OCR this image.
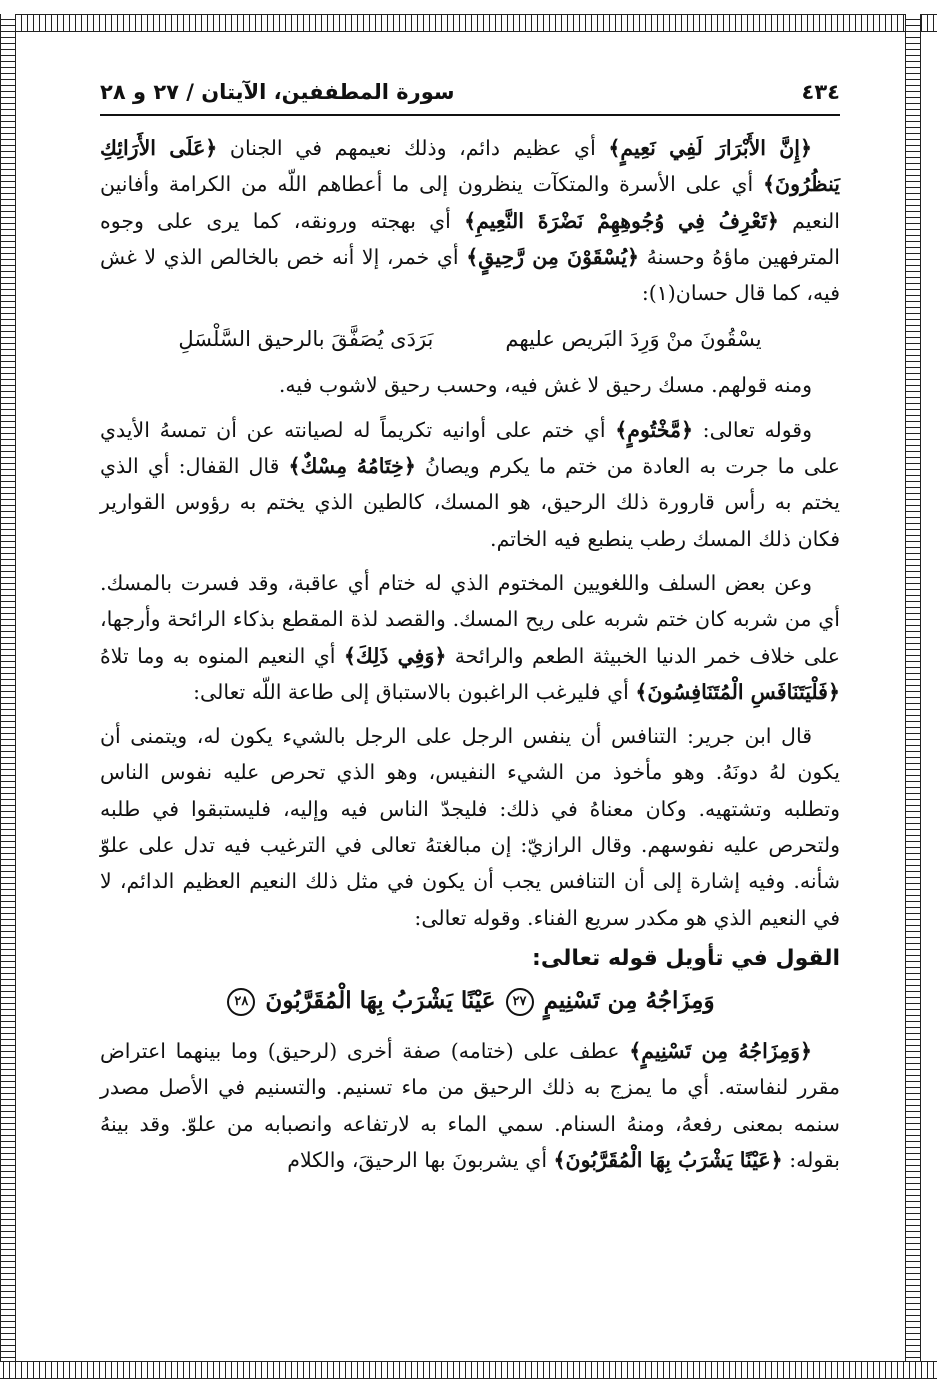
٤٣٤
سورة المطففين، الآيتان / ٢٧ و ٢٨

﴿إِنَّ الأَبْرَارَ لَفِي نَعِيمٍ﴾ أي عظيم دائم، وذلك نعيمهم في الجنان ﴿عَلَى الأَرَائِكِ يَنظُرُونَ﴾ أي على الأسرة والمتكآت ينظرون إلى ما أعطاهم اللّه من الكرامة وأفانين النعيم ﴿تَعْرِفُ فِي وُجُوهِهِمْ نَضْرَةَ النَّعِيمِ﴾ أي بهجته ورونقه، كما يرى على وجوه المترفهين ماؤهُ وحسنهُ ﴿يُسْقَوْنَ مِن رَّحِيقٍ﴾ أي خمر، إلا أنه خص بالخالص الذي لا غش فيه، كما قال حسان(١):

يسْقُونَ منْ وَرِدَ البَريص عليهم
بَرَدَى يُصَفَّقَ بالرحيق السَّلْسَلِ

ومنه قولهم. مسك رحيق لا غش فيه، وحسب رحيق لاشوب فيه.

وقوله تعالى: ﴿مَّخْتُومٍ﴾ أي ختم على أوانيه تكريماً له لصيانته عن أن تمسهُ الأيدي على ما جرت به العادة من ختم ما يكرم ويصانُ ﴿خِتَامُهُ مِسْكٌ﴾ قال القفال: أي الذي يختم به رأس قارورة ذلك الرحيق، هو المسك، كالطين الذي يختم به رؤوس القوارير فكان ذلك المسك رطب ينطبع فيه الخاتم.

وعن بعض السلف واللغويين المختوم الذي له ختام أي عاقبة، وقد فسرت بالمسك. أي من شربه كان ختم شربه على ريح المسك. والقصد لذة المقطع بذكاء الرائحة وأرجها، على خلاف خمر الدنيا الخبيثة الطعم والرائحة ﴿وَفِي ذَلِكَ﴾ أي النعيم المنوه به وما تلاهُ ﴿فَلْيَتَنَافَسِ الْمُتَنَافِسُونَ﴾ أي فليرغب الراغبون بالاستباق إلى طاعة اللّه تعالى:

قال ابن جرير: التنافس أن ينفس الرجل على الرجل بالشيء يكون له، ويتمنى أن يكون لهُ دونَهُ. وهو مأخوذ من الشيء النفيس، وهو الذي تحرص عليه نفوس الناس وتطلبه وتشتهيه. وكان معناهُ في ذلك: فليجدّ الناس فيه وإليه، فليستبقوا في طلبه ولتحرص عليه نفوسهم. وقال الرازيّ: إن مبالغتهُ تعالى في الترغيب فيه تدل على علوّ شأنه. وفيه إشارة إلى أن التنافس يجب أن يكون في مثل ذلك النعيم العظيم الدائم، لا في النعيم الذي هو مكدر سريع الفناء. وقوله تعالى:

القول في تأويل قوله تعالى:
وَمِزَاجُهُ مِن تَسْنِيمٍ ٢٧ عَيْنًا يَشْرَبُ بِهَا الْمُقَرَّبُونَ ٢٨

﴿وَمِزَاجُهُ مِن تَسْنِيمٍ﴾ عطف على (ختامه) صفة أخرى (لرحيق) وما بينهما اعتراض مقرر لنفاسته. أي ما يمزج به ذلك الرحيق من ماء تسنيم. والتسنيم في الأصل مصدر سنمه بمعنى رفعهُ، ومنهُ السنام. سمي الماء به لارتفاعه وانصبابه من علوّ. وقد بينهُ بقوله: ﴿عَيْنًا يَشْرَبُ بِهَا الْمُقَرَّبُونَ﴾ أي يشربونَ بها الرحيقَ، والكلام
